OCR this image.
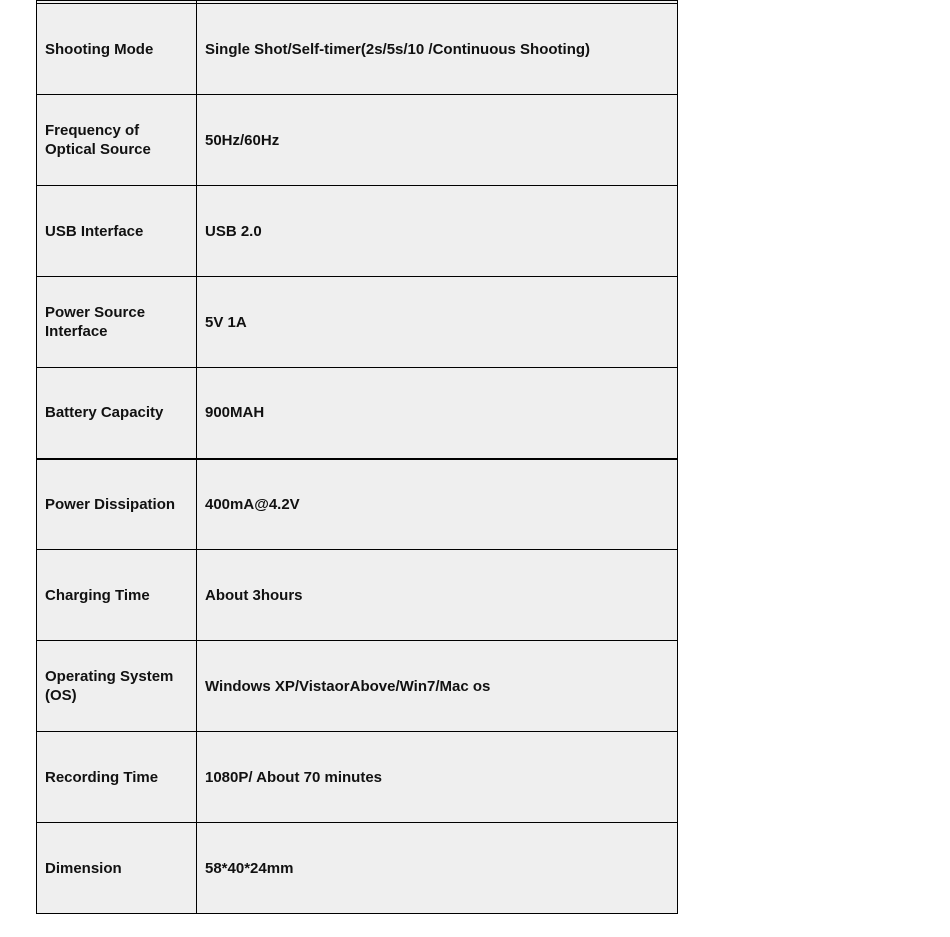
Shooting Mode	Single Shot/Self-timer(2s/5s/10 /Continuous Shooting)
Frequency of
Optical Source	50Hz/60Hz
USB Interface	USB 2.0
Power Source
Interface	5V 1A
Battery Capacity	900MAH
Power Dissipation	400mA@4.2V
Charging Time	About 3hours
Operating System
(OS)	Windows XP/VistaorAbove/Win7/Mac os
Recording Time	1080P/ About 70 minutes
Dimension	58*40*24mm
